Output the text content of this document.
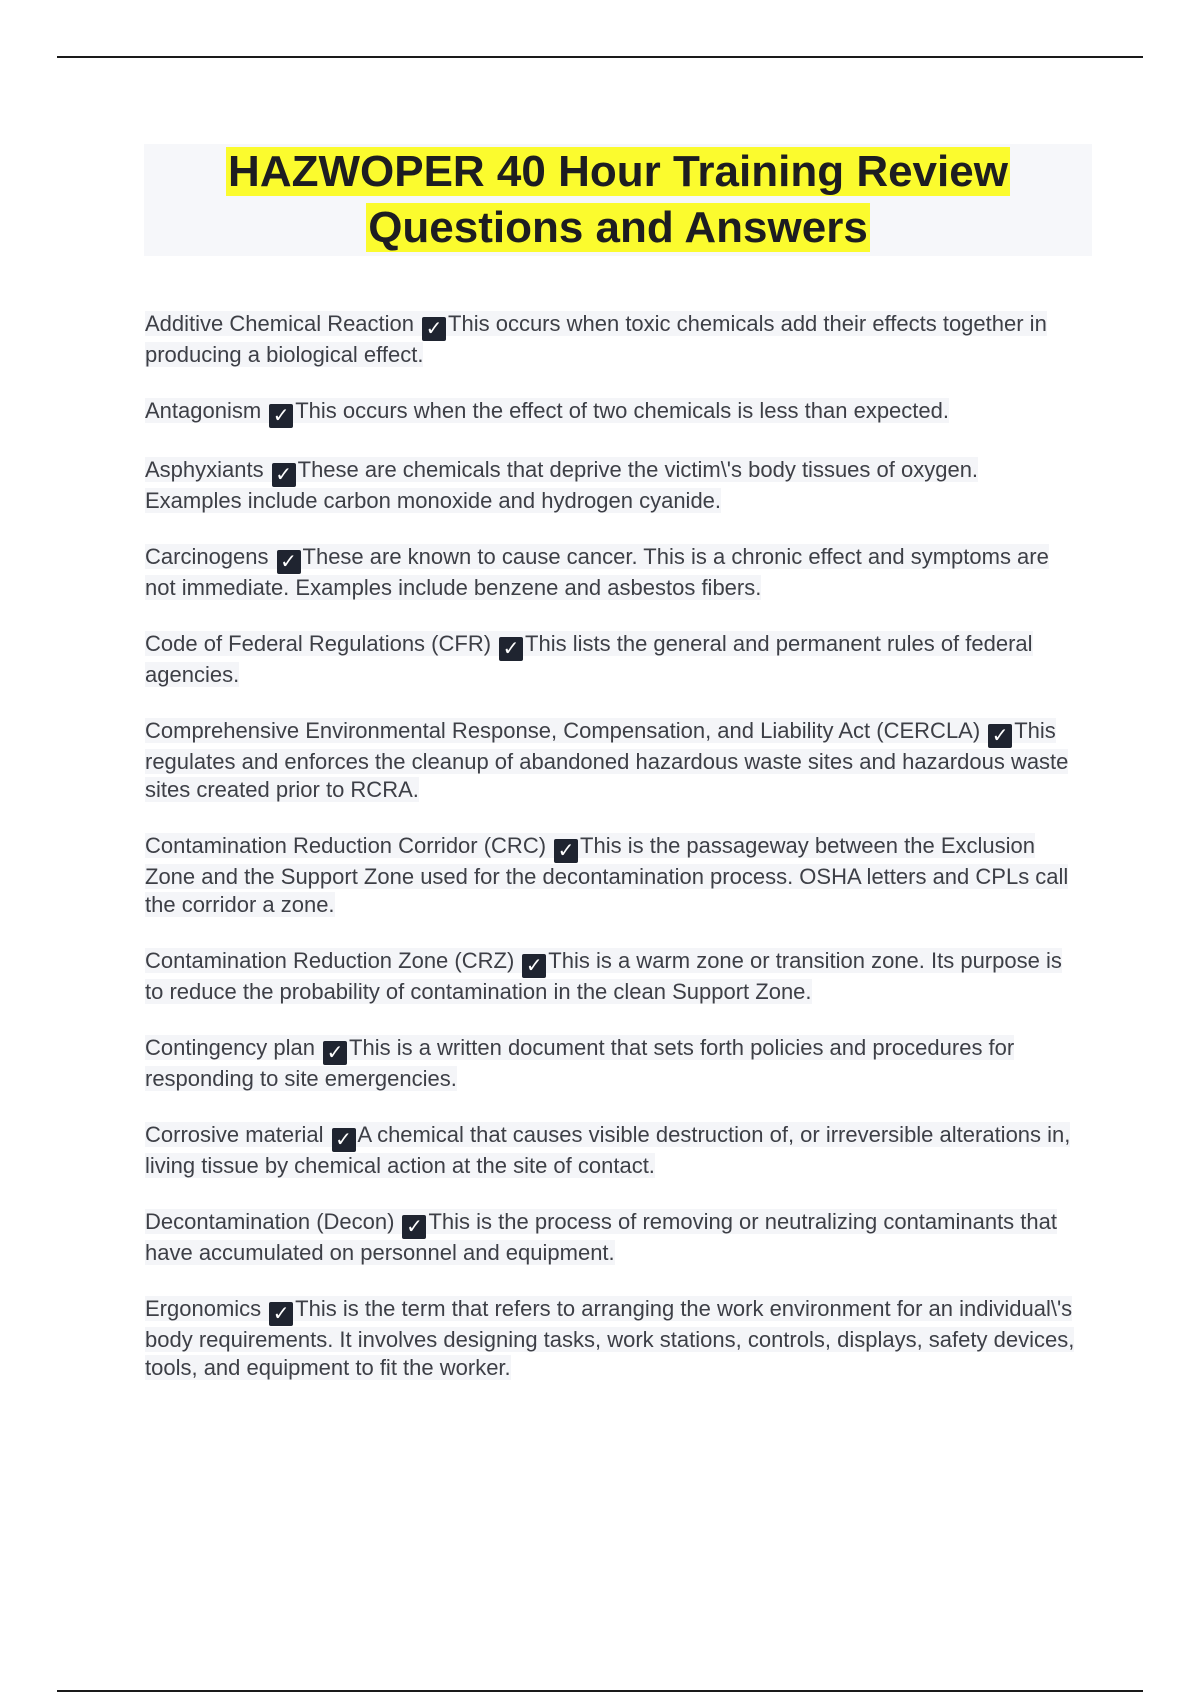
HAZWOPER 40 Hour Training Review

Questions and Answers

Additive Chemical Reaction ✓ This occurs when toxic chemicals add their effects together in producing a biological effect.

Antagonism ✓ This occurs when the effect of two chemicals is less than expected.

Asphyxiants ✓ These are chemicals that deprive the victim\'s body tissues of oxygen. Examples include carbon monoxide and hydrogen cyanide.

Carcinogens ✓ These are known to cause cancer. This is a chronic effect and symptoms are not immediate. Examples include benzene and asbestos fibers.

Code of Federal Regulations (CFR) ✓ This lists the general and permanent rules of federal agencies.

Comprehensive Environmental Response, Compensation, and Liability Act (CERCLA) ✓ This regulates and enforces the cleanup of abandoned hazardous waste sites and hazardous waste sites created prior to RCRA.

Contamination Reduction Corridor (CRC) ✓ This is the passageway between the Exclusion Zone and the Support Zone used for the decontamination process. OSHA letters and CPLs call the corridor a zone.

Contamination Reduction Zone (CRZ) ✓ This is a warm zone or transition zone. Its purpose is to reduce the probability of contamination in the clean Support Zone.

Contingency plan ✓ This is a written document that sets forth policies and procedures for responding to site emergencies.

Corrosive material ✓ A chemical that causes visible destruction of, or irreversible alterations in, living tissue by chemical action at the site of contact.

Decontamination (Decon) ✓ This is the process of removing or neutralizing contaminants that have accumulated on personnel and equipment.

Ergonomics ✓ This is the term that refers to arranging the work environment for an individual\'s body requirements. It involves designing tasks, work stations, controls, displays, safety devices, tools, and equipment to fit the worker.
